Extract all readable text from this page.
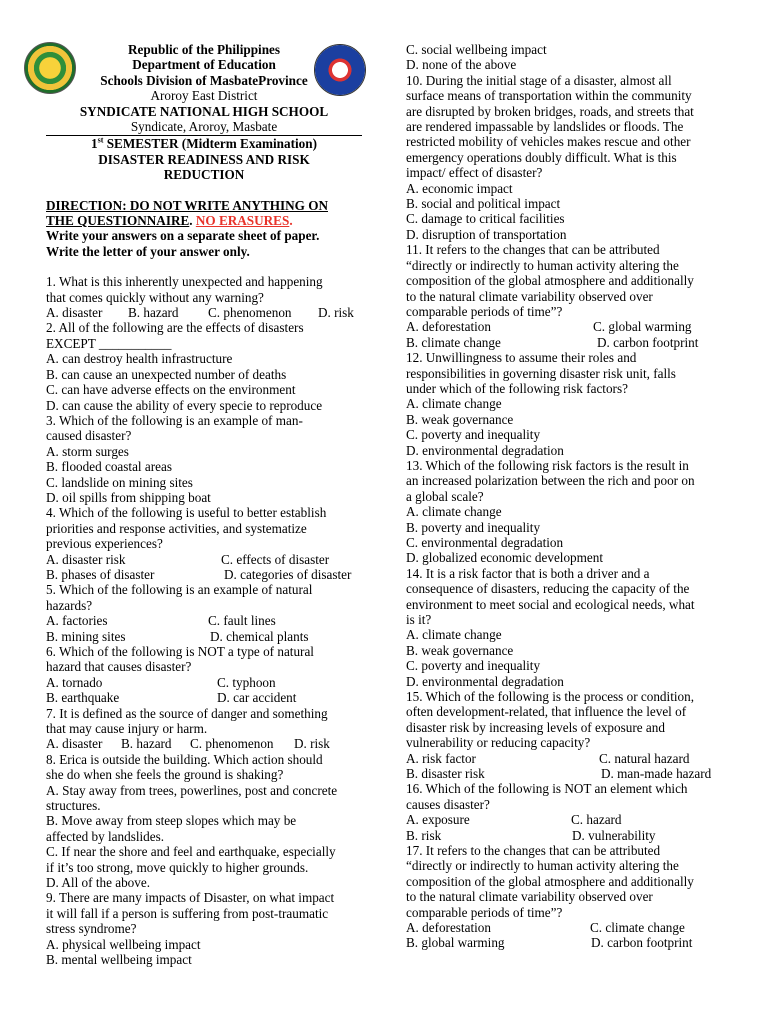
Republic of the Philippines
Department of Education
Schools Division of MasbateProvince
Aroroy East District
SYNDICATE NATIONAL HIGH SCHOOL
Syndicate, Aroroy, Masbate
1st SEMESTER (Midterm Examination)
DISASTER READINESS AND RISK
REDUCTION
DIRECTION: DO NOT WRITE ANYTHING ON
THE QUESTIONNAIRE. NO ERASURES.
Write your answers on a separate sheet of paper.
Write the letter of your answer only.
1. What is this inherently unexpected and happening
that comes quickly without any warning?
A. disaster B. hazard C. phenomenon D. risk
2. All of the following are the effects of disasters
EXCEPT ___________
A. can destroy health infrastructure
B. can cause an unexpected number of deaths
C. can have adverse effects on the environment
D. can cause the ability of every specie to reproduce
3. Which of the following is an example of man-
caused disaster?
A. storm surges
B. flooded coastal areas
C. landslide on mining sites
D. oil spills from shipping boat
4. Which of the following is useful to better establish
priorities and response activities, and systematize
previous experiences?
A. disaster risk	C. effects of disaster
B. phases of disaster	D. categories of disaster
5. Which of the following is an example of natural
hazards?
A. factories	C. fault lines
B. mining sites	D. chemical plants
6. Which of the following is NOT a type of natural
hazard that causes disaster?
A. tornado	C. typhoon
B. earthquake	D. car accident
7. It is defined as the source of danger and something
that may cause injury or harm.
A. disaster B. hazard C. phenomenon D. risk
8. Erica is outside the building. Which action should
she do when she feels the ground is shaking?
A. Stay away from trees, powerlines, post and concrete
structures.
B. Move away from steep slopes which may be
affected by landslides.
C. If near the shore and feel and earthquake, especially
if it’s too strong, move quickly to higher grounds.
D. All of the above.
9. There are many impacts of Disaster, on what impact
it will fall if a person is suffering from post-traumatic
stress syndrome?
A. physical wellbeing impact
B. mental wellbeing impact
C. social wellbeing impact
D. none of the above
10. During the initial stage of a disaster, almost all
surface means of transportation within the community
are disrupted by broken bridges, roads, and streets that
are rendered impassable by landslides or floods. The
restricted mobility of vehicles makes rescue and other
emergency operations doubly difficult. What is this
impact/ effect of disaster?
A. economic impact
B. social and political impact
C. damage to critical facilities
D. disruption of transportation
11. It refers to the changes that can be attributed
“directly or indirectly to human activity altering the
composition of the global atmosphere and additionally
to the natural climate variability observed over
comparable periods of time”?
A. deforestation	C. global warming
B. climate change	D. carbon footprint
12. Unwillingness to assume their roles and
responsibilities in governing disaster risk unit, falls
under which of the following risk factors?
A. climate change
B. weak governance
C. poverty and inequality
D. environmental degradation
13. Which of the following risk factors is the result in
an increased polarization between the rich and poor on
a global scale?
A. climate change
B. poverty and inequality
C. environmental degradation
D. globalized economic development
14. It is a risk factor that is both a driver and a
consequence of disasters, reducing the capacity of the
environment to meet social and ecological needs, what
is it?
A. climate change
B. weak governance
C. poverty and inequality
D. environmental degradation
15. Which of the following is the process or condition,
often development-related, that influence the level of
disaster risk by increasing levels of exposure and
vulnerability or reducing capacity?
A. risk factor	C. natural hazard
B. disaster risk	D. man-made hazard
16. Which of the following is NOT an element which
causes disaster?
A. exposure	C. hazard
B. risk	D. vulnerability
17. It refers to the changes that can be attributed
“directly or indirectly to human activity altering the
composition of the global atmosphere and additionally
to the natural climate variability observed over
comparable periods of time”?
A. deforestation	C. climate change
B. global warming	D. carbon footprint
